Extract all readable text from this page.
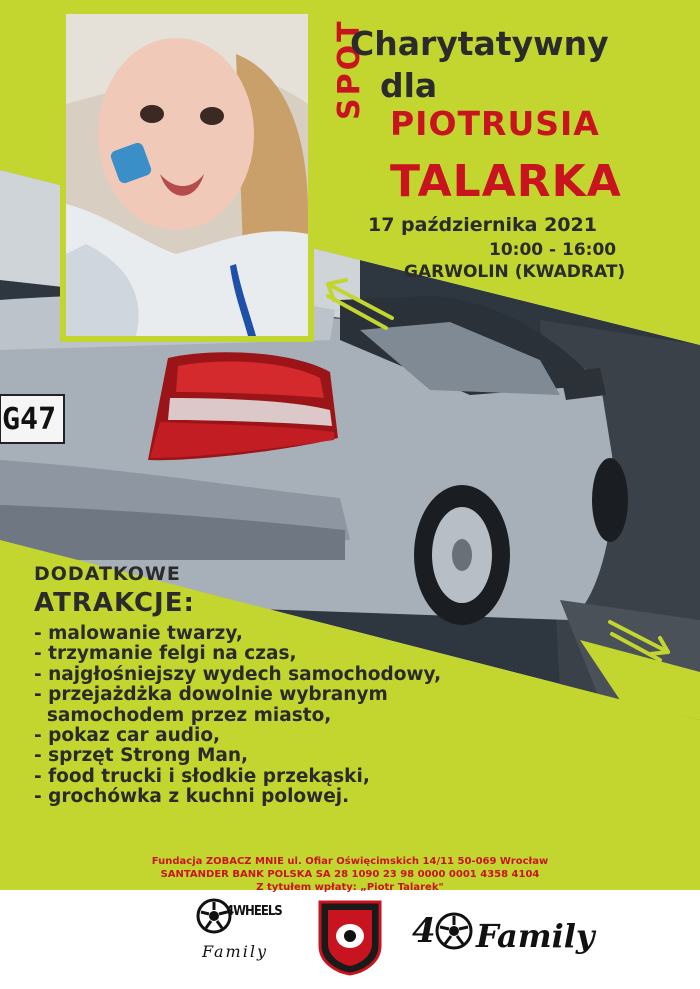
G47
SPOT
Charytatywny
dla
PIOTRUSIA
TALARKA
17 października 2021
10:00 - 16:00
GARWOLIN (KWADRAT)
DODATKOWE
ATRAKCJE:
- malowanie twarzy,
- trzymanie felgi na czas,
- najgłośniejszy wydech samochodowy,
- przejażdżka dowolnie wybranym
samochodem przez miasto,
- pokaz car audio,
- sprzęt Strong Man,
- food trucki i słodkie przekąski,
- grochówka z kuchni polowej.
Fundacja ZOBACZ MNIE ul. Ofiar Oświęcimskich 14/11 50-069 Wrocław
SANTANDER BANK POLSKA SA 28 1090 23 98 0000 0001 4358 4104
Z tytułem wpłaty: „Piotr Talarek"
4WHEELS
Family
4 Family
